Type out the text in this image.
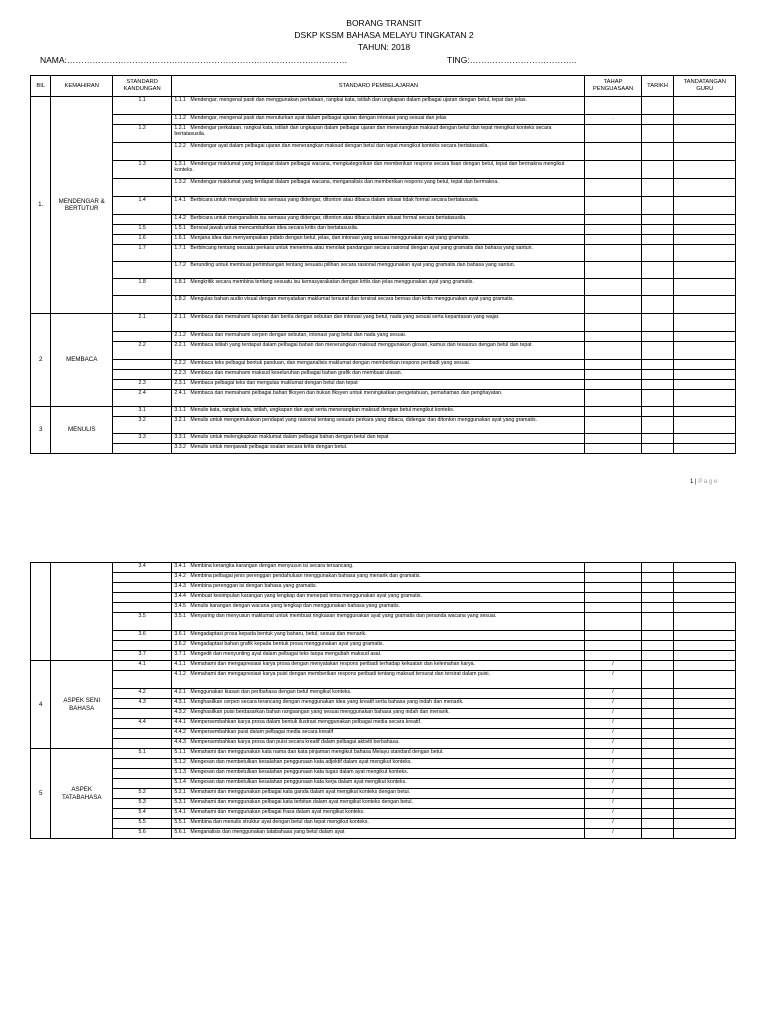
BORANG TRANSIT
DSKP KSSM BAHASA MELAYU TINGKATAN 2
TAHUN: 2018
NAMA:………………………………………………………………………………………	TING:………………………………..
BIL	KEMAHIRAN	STANDARD KANDUNGAN	STANDARD PEMBELAJARAN	TAHAP PENGUASAAN	TARIKH	TANDATANGAN GURU
1.	MENDENGAR & BERTUTUR	1.1	1.1.1 Mendengar, mengenal pasti dan menggunakan perkataan, rangkai kata, istilah dan ungkapan dalam pelbagai ujaran dengan betul, tepat dan jelas.			
			1.1.2 Mendengar, mengenal pasti dan menuturkan ayat dalam pelbagai ujaran dengan intonasi yang sesuai dan jelas	.		
		1.2	1.2.1 Mendengar perkataan, rangkai kata, istilah dan ungkapan dalam pelbagai ujaran dan menerangkan maksud dengan betul dan tepat mengikut konteks secara bertatasusila.			
			1.2.2 Mendengar ayat dalam pelbagai ujaran dan menerangkan maksud dengan betul dan tepat mengikut konteks secara bertatasusila.			
		1.3	1.3.1 Mendengar maklumat yang terdapat dalam pelbagai wacana, mengkategorikan dan memberikan respons secara lisan dengan betul, tepat dan bermakna mengikut konteks.			
			1.3.2 Mendengar maklumat yang terdapat dalam pelbagai wacana, menganalisis dan memberikan respons yang betul, tepat dan bermakna.			
		1.4	1.4.1 Berbicara untuk menganalisis isu semasa yang didengar, ditonton atau dibaca dalam situasi tidak formal secara bertatasusila.			
			1.4.2 Berbicara untuk menganalisis isu semasa yang didengar, ditonton atau dibaca dalam situasi formal secara bertatasusila.			
		1.5	1.5.1 Bersoal jawab untuk mencambahkan idea secara kritis dan bertatasusila.			
		1.6	1.6.1 Menjana idea dan menyampaikan pidato dengan betul, jelas, dan intonasi yang sesuai menggunakan ayat yang gramatis.			
		1.7	1.7.1 Berbincang tentang sesuatu perkara untuk menerima atau menolak pandangan secara rasional dengan ayat yang gramatis dan bahasa yang santun.			
			1.7.2 Berunding untuk membuat pertimbangan tentang sesuatu pilihan secara rasional menggunakan ayat yang gramatis dan bahasa yang santun.			
		1.8	1.8.1 Mengkritik secara membina tentang sesuatu isu kemasyarakatan dengan kritis dan jelas menggunakan ayat yang gramatis.			
			1.8.2 Mengulas bahan audio visual dengan menyatakan maklumat tersurat dan tersirat secara bernas dan kritis menggunakan ayat yang gramatis.			
2	MEMBACA	2.1	2.1.1 Membaca dan memahami laporan dan berita dengan sebutan dan intonasi yang betul, nada yang sesuai serta kepantasan yang wajar.			
			2.1.2 Membaca dan memahami cerpen dengan sebutan, intonasi yang betul dan nada yang sesuai.			
		2.2	2.2.1 Membaca istilah yang terdapat dalam pelbagai bahan dan menerangkan maksud menggunakan glosari, kamus dan tesaurus dengan betul dan tepat			
			2.2.2 Membaca teks pelbagai bentuk panduan, dan menganalisis maklumat dengan memberikan respons peribadi yang sesuai.			
			2.2.3 Membaca dan memahami maksud keseluruhan pelbagai bahan grafik dan membuat ulasan.			
		2.3	2.3.1 Membaca pelbagai teks dan mengulas maklumat dengan betul dan tepat			
		2.4	2.4.1 Membaca dan memahami pelbagai bahan fiksyen dan bukan fiksyen untuk meningkatkan pengetahuan, pemahaman dan penghayatan.			
3	MENULIS	3.1	3.1.1 Menulis kata, rangkai kata, istilah, ungkapan dan ayat serta menerangkan maksud dengan betul mengikut konteks.			
		3.2	3.2.1 Menulis untuk mengemukakan pendapat yang rasional tentang sesuatu perkara yang dibaca, didengar dan ditonton menggunakan ayat yang gramatis.			
		3.3	3.3.1 Menulis untuk melengkapkan maklumat dalam pelbagai bahan dengan betul dan tepat			
			3.3.2 Menulis untuk menjawab pelbagai soalan secara kritis dengan betul.			
1 | P a g e
		3.4	3.4.1 Membina kerangka karangan dengan menyusun isi secara tersancang.			
			3.4.2 Membina pelbagai jenis perenggan pendahuluan menggunakan bahasa yang menarik dan gramatis.			
			3.4.3 Membina perenggan isi dengan bahasa yang gramatis.			
			3.4.4 Membuat kesimpulan karangan yang lengkap dan menepati tema menggunakan ayat yang gramatis.			
			3.4.5 Menulis karangan dengan wacana yang lengkap dan menggunakan bahasa yang gramatis.			
		3.5	3.5.1 Menyaring dan menyusun maklumat untuk membuat ringkasan menggunakan ayat yang gramatis dan penanda wacana yang sesuai.			
		3.6	3.6.1 Mengadaptasi prosa kepada bentuk yang baharu, betul, sesuai dan menarik.			
			3.6.2 Mengadaptasi bahan grafik kepada bentuk prosa menggunakan ayat yang gramatis.			
		3.7	3.7.1 Mengedit dan menyunting ayat dalam pelbagai teks tanpa mengubah maksud asal.			
4	ASPEK SENI BAHASA	4.1	4.1.1 Memahami dan mengapresiasi karya prosa dengan menyatakan respons peribadi terhadap kekuatan dan kelemahan karya.	/		
			4.1.2 Memahami dan mengapresiasi karya puisi dengan memberikan respons peribadi tentang maksud tersurat dan tersirat dalam puisi.	/		
		4.2	4.2.1 Menggunakan kiasan dan peribahasa dengan betul mengikut konteks.	/		
		4.3	4.3.1 Menghasilkan cerpen secara terancang dengan menggunakan idea yang kreatif serta bahasa yang indah dan menarik.	/		
			4.3.2 Menghasilkan puisi berdasarkan bahan rangsangan yang sesuai menggunakan bahasa yang indah dan menarik.	/		
		4.4	4.4.1 Mempersembahkan karya prosa dalam bentuk ilustrasi menggunakan pelbagai media secara kreatif.	/		
			4.4.2 Mempersembahkan puisi dalam pelbagai media secara kreatif	/		
			4.4.3 Mempersembahkan karya prosa dan puisi secara kreatif dalam pelbagai aktiviti berbahasa.	/		
5	ASPEK TATABAHASA	5.1	5.1.1 Memahami dan menggunakan kata nama dan kata pinjaman mengikut bahasa Melayu standard dengan betul.	/		
			5.1.2 Mengesan dan membetulkan kesalahan penggunaan kata adjektif dalam ayat mengikut konteks.	/		
			5.1.3 Mengesan dan membetulkan kesalahan penggunaan kata tugas dalam ayat mengikut konteks.	/		
			5.1.4 Mengesan dan membetulkan kesalahan penggunaan kata kerja dalam ayat mengikut konteks.	/		
		5.2	5.2.1 Memahami dan menggunakan pelbagai kata ganda dalam ayat mengikut konteks dengan betul.	/		
		5.3	5.3.1 Memahami dan menggunakan pelbagai kata terbitan dalam ayat mengikut konteks dengan betul.	/		
		5.4	5.4.1 Memahami dan menggunakan pelbagai frasa dalam ayat mengikut konteks.	/		
		5.5	5.5.1 Membina dan menulis struktur ayat dengan betul dan tepat mengikut konteks.	/		
		5.6	5.6.1 Menganalisis dan menggunakan tatabahasa yang betul dalam ayat	/		
